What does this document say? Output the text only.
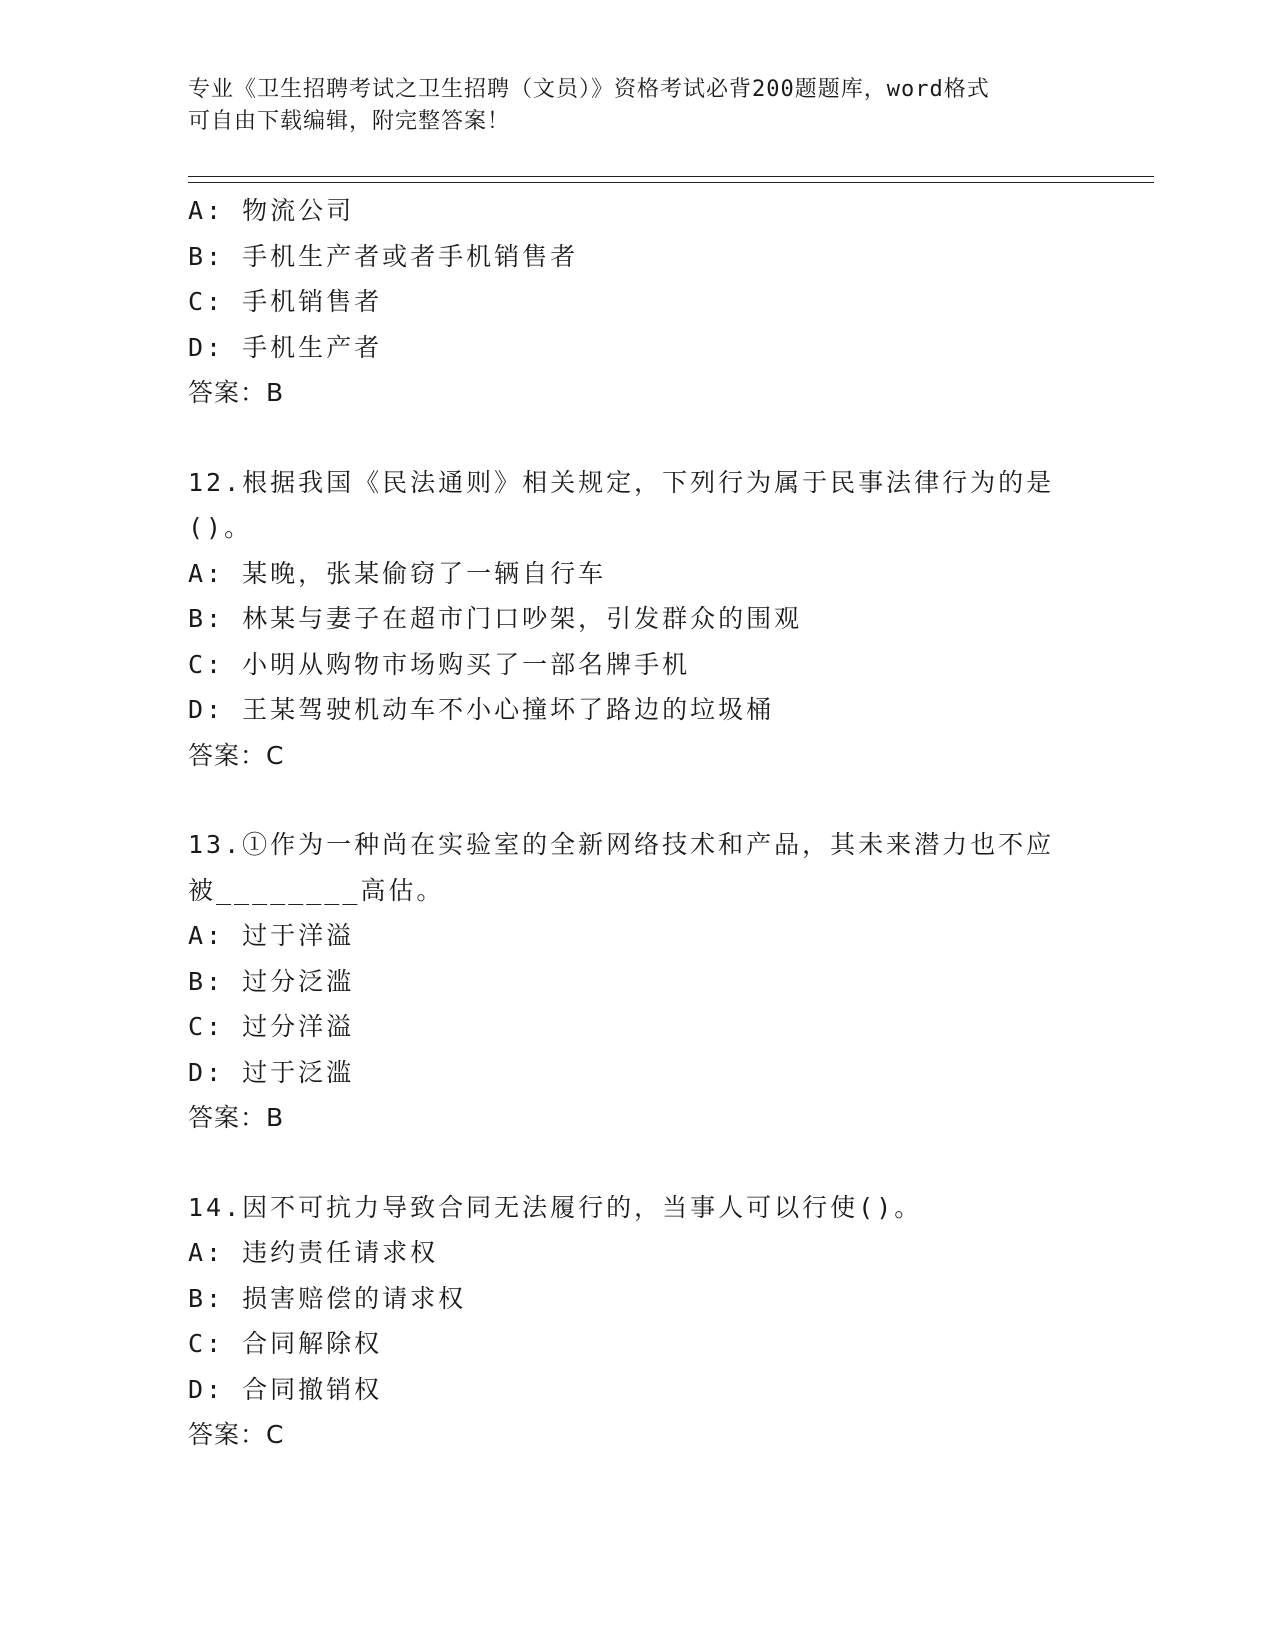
专业《卫生招聘考试之卫生招聘（文员）》资格考试必背200题题库，word格式
可自由下载编辑，附完整答案！
A: 物流公司
B: 手机生产者或者手机销售者
C: 手机销售者
D: 手机生产者
答案：B
12.根据我国《民法通则》相关规定，下列行为属于民事法律行为的是
()。
A: 某晚，张某偷窃了一辆自行车
B: 林某与妻子在超市门口吵架，引发群众的围观
C: 小明从购物市场购买了一部名牌手机
D: 王某驾驶机动车不小心撞坏了路边的垃圾桶
答案：C
13.①作为一种尚在实验室的全新网络技术和产品，其未来潜力也不应
被________高估。
A: 过于洋溢
B: 过分泛滥
C: 过分洋溢
D: 过于泛滥
答案：B
14.因不可抗力导致合同无法履行的，当事人可以行使()。
A: 违约责任请求权
B: 损害赔偿的请求权
C: 合同解除权
D: 合同撤销权
答案：C
